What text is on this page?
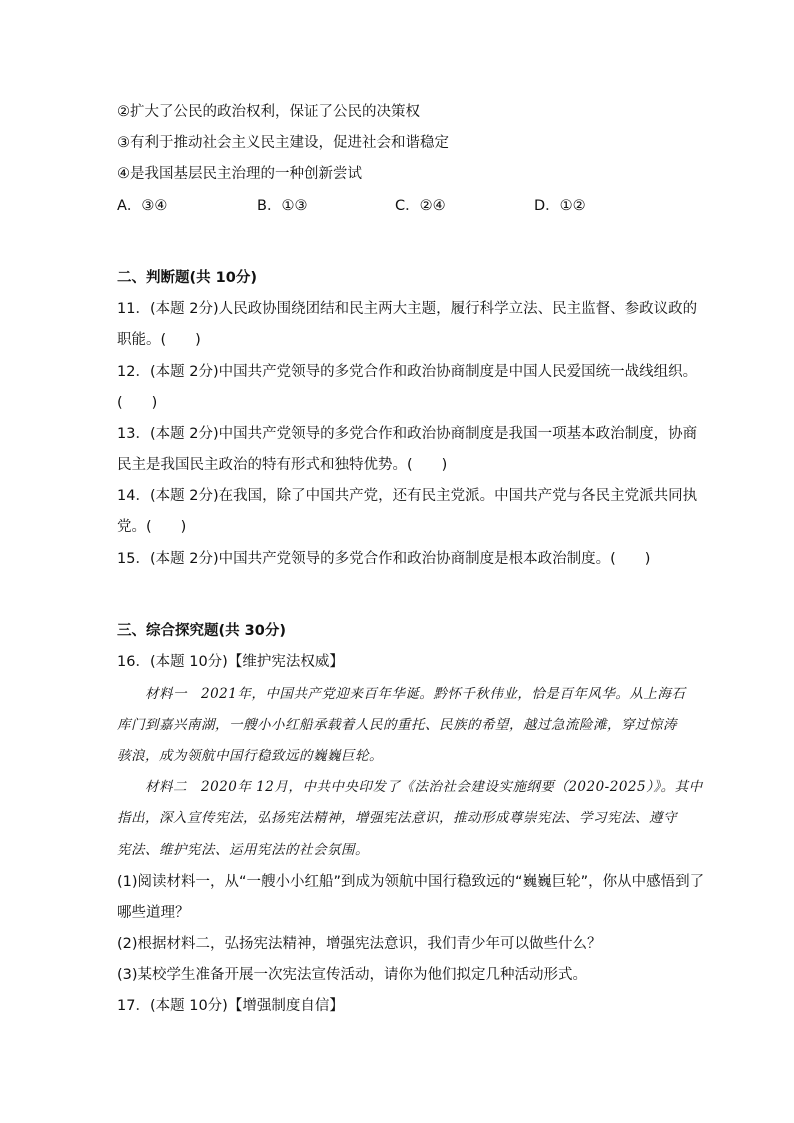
②扩大了公民的政治权利，保证了公民的决策权
③有利于推动社会主义民主建设，促进社会和谐稳定
④是我国基层民主治理的一种创新尝试
A．③④	B．①③	C．②④	D．①②
二、判断题(共 10分)
11．(本题 2分)人民政协围绕团结和民主两大主题，履行科学立法、民主监督、参政议政的
职能。(　　)
12．(本题 2分)中国共产党领导的多党合作和政治协商制度是中国人民爱国统一战线组织。
(　　)
13．(本题 2分)中国共产党领导的多党合作和政治协商制度是我国一项基本政治制度，协商
民主是我国民主政治的特有形式和独特优势。(　　)
14．(本题 2分)在我国，除了中国共产党，还有民主党派。中国共产党与各民主党派共同执
党。(　　)
15．(本题 2分)中国共产党领导的多党合作和政治协商制度是根本政治制度。(　　)
三、综合探究题(共 30分)
16．(本题 10分)【维护宪法权威】
材料一　2021年，中国共产党迎来百年华诞。黔怀千秋伟业，恰是百年风华。从上海石
库门到嘉兴南湖，一艘小小红船承载着人民的重托、民族的希望，越过急流险滩，穿过惊涛
骇浪，成为领航中国行稳致远的巍巍巨轮。
材料二　2020年 12月，中共中央印发了《法治社会建设实施纲要（2020-2025）》。其中
指出，深入宣传宪法，弘扬宪法精神，增强宪法意识，推动形成尊崇宪法、学习宪法、遵守
宪法、维护宪法、运用宪法的社会氛围。
(1)阅读材料一，从“一艘小小红船”到成为领航中国行稳致远的“巍巍巨轮”，你从中感悟到了
哪些道理？
(2)根据材料二，弘扬宪法精神，增强宪法意识，我们青少年可以做些什么？
(3)某校学生准备开展一次宪法宣传活动，请你为他们拟定几种活动形式。
17．(本题 10分)【增强制度自信】
